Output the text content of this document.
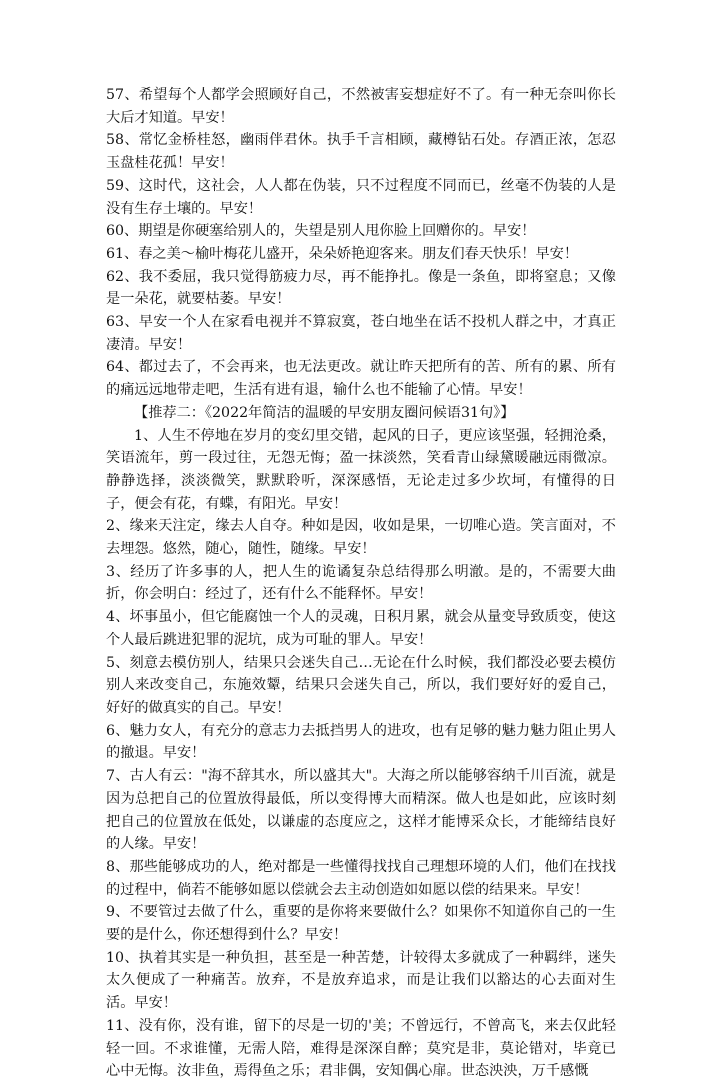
57、希望每个人都学会照顾好自己，不然被害妄想症好不了。有一种无奈叫你长大后才知道。早安！

58、常忆金桥桂怒，幽雨伴君休。执手千言相顾，藏樽钻石处。存酒正浓，怎忍玉盘桂花孤！早安！

59、这时代，这社会，人人都在伪装，只不过程度不同而已，丝毫不伪装的人是没有生存土壤的。早安！

60、期望是你硬塞给别人的，失望是别人甩你脸上回赠你的。早安！

61、春之美～榆叶梅花儿盛开，朵朵娇艳迎客来。朋友们春天快乐！早安！

62、我不委屈，我只觉得筋疲力尽，再不能挣扎。像是一条鱼，即将窒息；又像是一朵花，就要枯萎。早安！

63、早安一个人在家看电视并不算寂寞，苍白地坐在话不投机人群之中，才真正凄清。早安！

64、都过去了，不会再来，也无法更改。就让昨天把所有的苦、所有的累、所有的痛远远地带走吧，生活有进有退，输什么也不能输了心情。早安！

【推荐二：《2022年简洁的温暖的早安朋友圈问候语31句》】

1、人生不停地在岁月的变幻里交错，起风的日子，更应该坚强，轻拥沧桑，笑语流年，剪一段过往，无怨无悔；盈一抹淡然，笑看青山绿黛暖融远雨微凉。静静选择，淡淡微笑，默默聆听，深深感悟，无论走过多少坎坷，有懂得的日子，便会有花，有蝶，有阳光。早安！

2、缘来天注定，缘去人自夺。种如是因，收如是果，一切唯心造。笑言面对，不去埋怨。悠然，随心，随性，随缘。早安！

3、经历了许多事的人，把人生的诡谲复杂总结得那么明澈。是的，不需要大曲折，你会明白：经过了，还有什么不能释怀。早安！

4、坏事虽小，但它能腐蚀一个人的灵魂，日积月累，就会从量变导致质变，使这个人最后跳进犯罪的泥坑，成为可耻的罪人。早安！

5、刻意去模仿别人，结果只会迷失自己…无论在什么时候，我们都没必要去模仿别人来改变自己，东施效颦，结果只会迷失自己，所以，我们要好好的爱自己，好好的做真实的自己。早安！

6、魅力女人，有充分的意志力去抵挡男人的进攻，也有足够的魅力魅力阻止男人的撤退。早安！

7、古人有云："海不辞其水，所以盛其大"。大海之所以能够容纳千川百流，就是因为总把自己的位置放得最低，所以变得博大而精深。做人也是如此，应该时刻把自己的位置放在低处，以谦虚的态度应之，这样才能博采众长，才能缔结良好的人缘。早安！

8、那些能够成功的人，绝对都是一些懂得找找自己理想环境的人们，他们在找找的过程中，倘若不能够如愿以偿就会去主动创造如如愿以偿的结果来。早安！

9、不要管过去做了什么，重要的是你将来要做什么？如果你不知道你自己的一生要的是什么，你还想得到什么？早安！

10、执着其实是一种负担，甚至是一种苦楚，计较得太多就成了一种羁绊，迷失太久便成了一种痛苦。放弃，不是放弃追求，而是让我们以豁达的心去面对生活。早安！

11、没有你，没有谁，留下的尽是一切的'美；不曾远行，不曾高飞，来去仅此轻轻一回。不求谁懂，无需人陪，难得是深深自醉；莫究是非，莫论错对，毕竟已心中无悔。汝非鱼，焉得鱼之乐；君非偶，安知偶心扉。世态泱泱，万千感慨
